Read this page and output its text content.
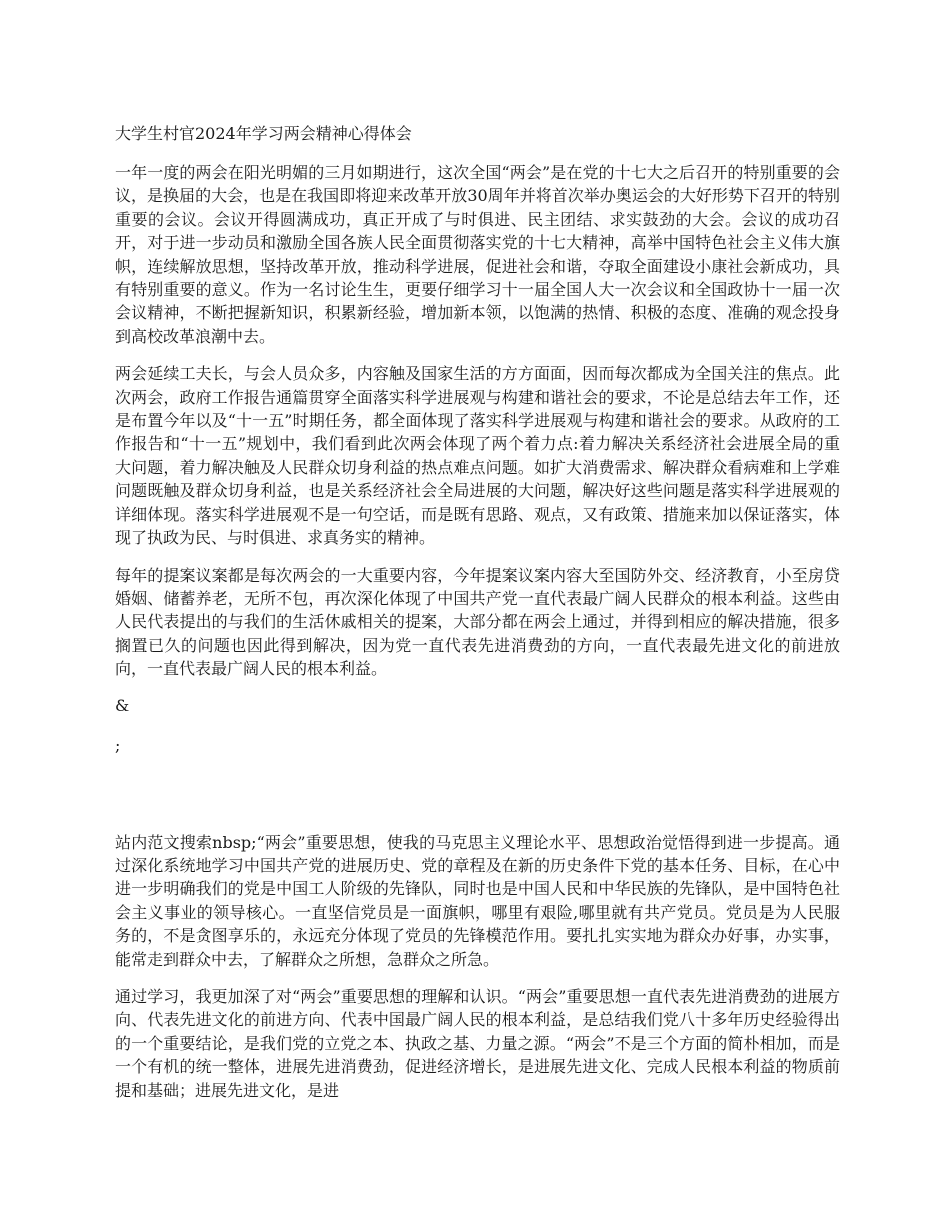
大学生村官2024年学习两会精神心得体会

一年一度的两会在阳光明媚的三月如期进行，这次全国“两会”是在党的十七大之后召开的特别重要的会议，是换届的大会，也是在我国即将迎来改革开放30周年并将首次举办奥运会的大好形势下召开的特别重要的会议。会议开得圆满成功，真正开成了与时俱进、民主团结、求实鼓劲的大会。会议的成功召开，对于进一步动员和激励全国各族人民全面贯彻落实党的十七大精神，高举中国特色社会主义伟大旗帜，连续解放思想，坚持改革开放，推动科学进展，促进社会和谐，夺取全面建设小康社会新成功，具有特别重要的意义。作为一名讨论生生，更要仔细学习十一届全国人大一次会议和全国政协十一届一次会议精神，不断把握新知识，积累新经验，增加新本领，以饱满的热情、积极的态度、准确的观念投身到高校改革浪潮中去。

两会延续工夫长，与会人员众多，内容触及国家生活的方方面面，因而每次都成为全国关注的焦点。此次两会，政府工作报告通篇贯穿全面落实科学进展观与构建和谐社会的要求，不论是总结去年工作，还是布置今年以及“十一五”时期任务，都全面体现了落实科学进展观与构建和谐社会的要求。从政府的工作报告和“十一五”规划中，我们看到此次两会体现了两个着力点:着力解决关系经济社会进展全局的重大问题，着力解决触及人民群众切身利益的热点难点问题。如扩大消费需求、解决群众看病难和上学难问题既触及群众切身利益，也是关系经济社会全局进展的大问题，解决好这些问题是落实科学进展观的详细体现。落实科学进展观不是一句空话，而是既有思路、观点，又有政策、措施来加以保证落实，体现了执政为民、与时俱进、求真务实的精神。

每年的提案议案都是每次两会的一大重要内容，今年提案议案内容大至国防外交、经济教育，小至房贷婚姻、储蓄养老，无所不包，再次深化体现了中国共产党一直代表最广阔人民群众的根本利益。这些由人民代表提出的与我们的生活休戚相关的提案，大部分都在两会上通过，并得到相应的解决措施，很多搁置已久的问题也因此得到解决，因为党一直代表先进消费劲的方向，一直代表最先进文化的前进放向，一直代表最广阔人民的根本利益。

&
;

站内范文搜索nbsp;“两会”重要思想，使我的马克思主义理论水平、思想政治觉悟得到进一步提高。通过深化系统地学习中国共产党的进展历史、党的章程及在新的历史条件下党的基本任务、目标，在心中进一步明确我们的党是中国工人阶级的先锋队，同时也是中国人民和中华民族的先锋队，是中国特色社会主义事业的领导核心。一直坚信党员是一面旗帜，哪里有艰险,哪里就有共产党员。党员是为人民服务的，不是贪图享乐的，永远充分体现了党员的先锋模范作用。要扎扎实实地为群众办好事，办实事，能常走到群众中去，了解群众之所想，急群众之所急。

通过学习，我更加深了对“两会”重要思想的理解和认识。“两会”重要思想一直代表先进消费劲的进展方向、代表先进文化的前进方向、代表中国最广阔人民的根本利益，是总结我们党八十多年历史经验得出的一个重要结论，是我们党的立党之本、执政之基、力量之源。“两会”不是三个方面的简朴相加，而是一个有机的统一整体，进展先进消费劲，促进经济增长，是进展先进文化、完成人民根本利益的物质前提和基础；进展先进文化，是进
